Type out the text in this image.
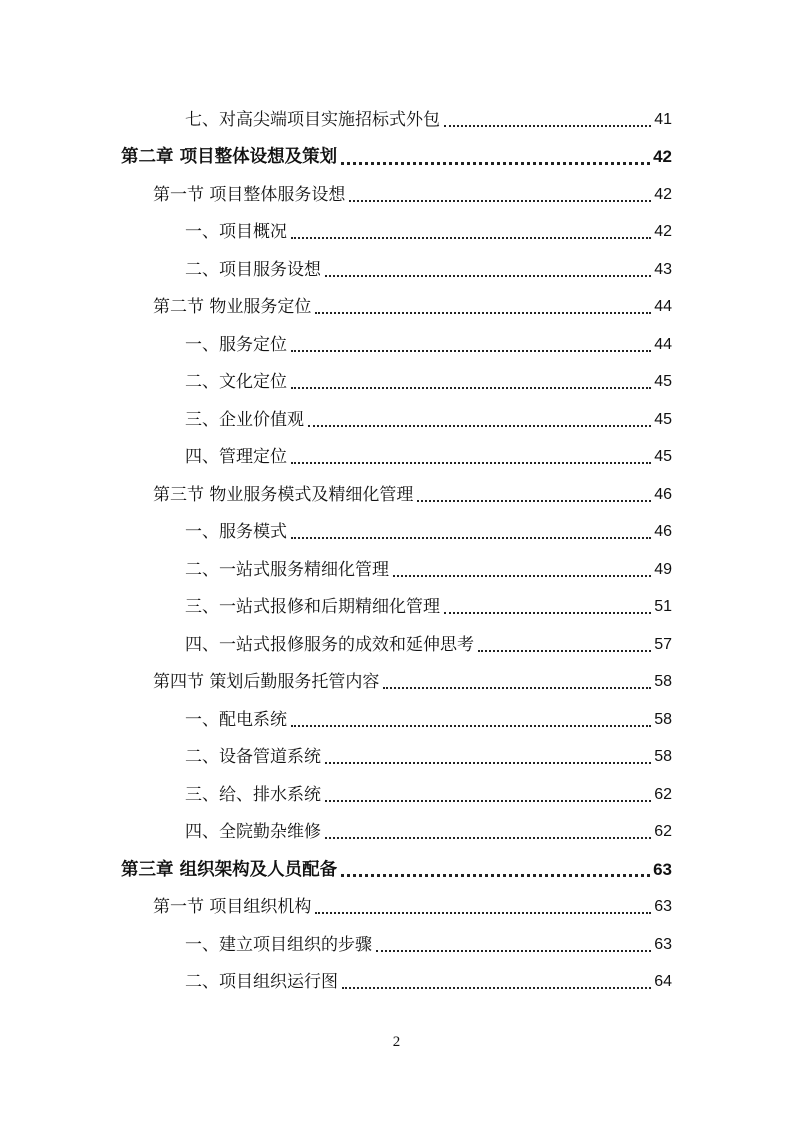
七、对高尖端项目实施招标式外包	41
第二章 项目整体设想及策划	42
第一节 项目整体服务设想	42
一、项目概况	42
二、项目服务设想	43
第二节 物业服务定位	44
一、服务定位	44
二、文化定位	45
三、企业价值观	45
四、管理定位	45
第三节 物业服务模式及精细化管理	46
一、服务模式	46
二、一站式服务精细化管理	49
三、一站式报修和后期精细化管理	51
四、一站式报修服务的成效和延伸思考	57
第四节 策划后勤服务托管内容	58
一、配电系统	58
二、设备管道系统	58
三、给、排水系统	62
四、全院勤杂维修	62
第三章 组织架构及人员配备	63
第一节 项目组织机构	63
一、建立项目组织的步骤	63
二、项目组织运行图	64
2
